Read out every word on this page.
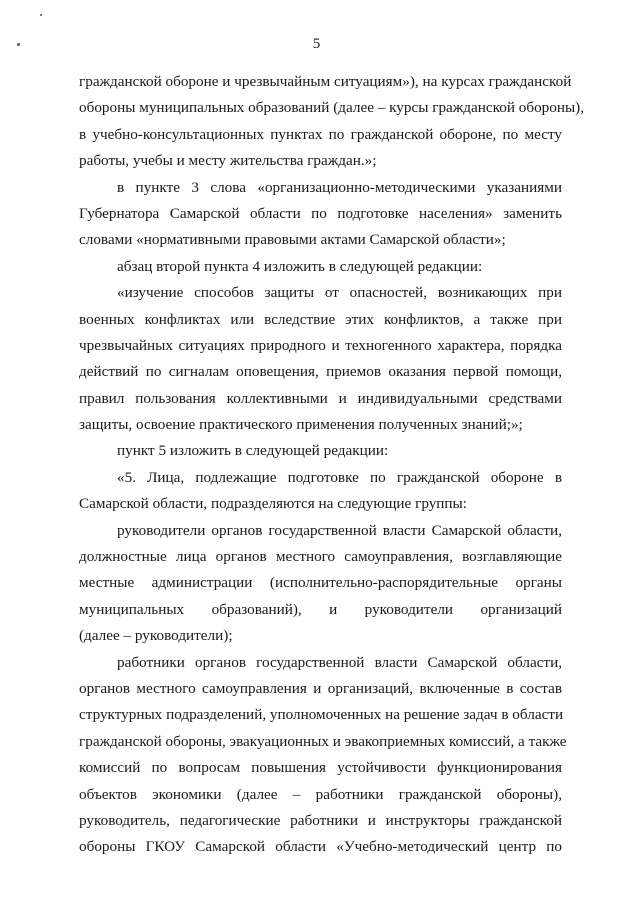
5
гражданской обороне и чрезвычайным ситуациям»), на курсах гражданской
обороны муниципальных образований (далее – курсы гражданской обороны),
в учебно-консультационных пунктах по гражданской обороне, по месту
работы, учебы и месту жительства граждан.»;
в пункте 3 слова «организационно-методическими указаниями
Губернатора Самарской области по подготовке населения» заменить
словами «нормативными правовыми актами Самарской области»;
абзац второй пункта 4 изложить в следующей редакции:
«изучение способов защиты от опасностей, возникающих при
военных конфликтах или вследствие этих конфликтов, а также при
чрезвычайных ситуациях природного и техногенного характера, порядка
действий по сигналам оповещения, приемов оказания первой помощи,
правил пользования коллективными и индивидуальными средствами
защиты, освоение практического применения полученных знаний;»;
пункт 5 изложить в следующей редакции:
«5. Лица, подлежащие подготовке по гражданской обороне в
Самарской области, подразделяются на следующие группы:
руководители органов государственной власти Самарской области,
должностные лица органов местного самоуправления, возглавляющие
местные администрации (исполнительно-распорядительные органы
муниципальных образований), и руководители организаций
(далее – руководители);
работники органов государственной власти Самарской области,
органов местного самоуправления и организаций, включенные в состав
структурных подразделений, уполномоченных на решение задач в области
гражданской обороны, эвакуационных и эвакоприемных комиссий, а также
комиссий по вопросам повышения устойчивости функционирования
объектов экономики (далее – работники гражданской обороны),
руководитель, педагогические работники и инструкторы гражданской
обороны ГКОУ Самарской области «Учебно-методический центр по
